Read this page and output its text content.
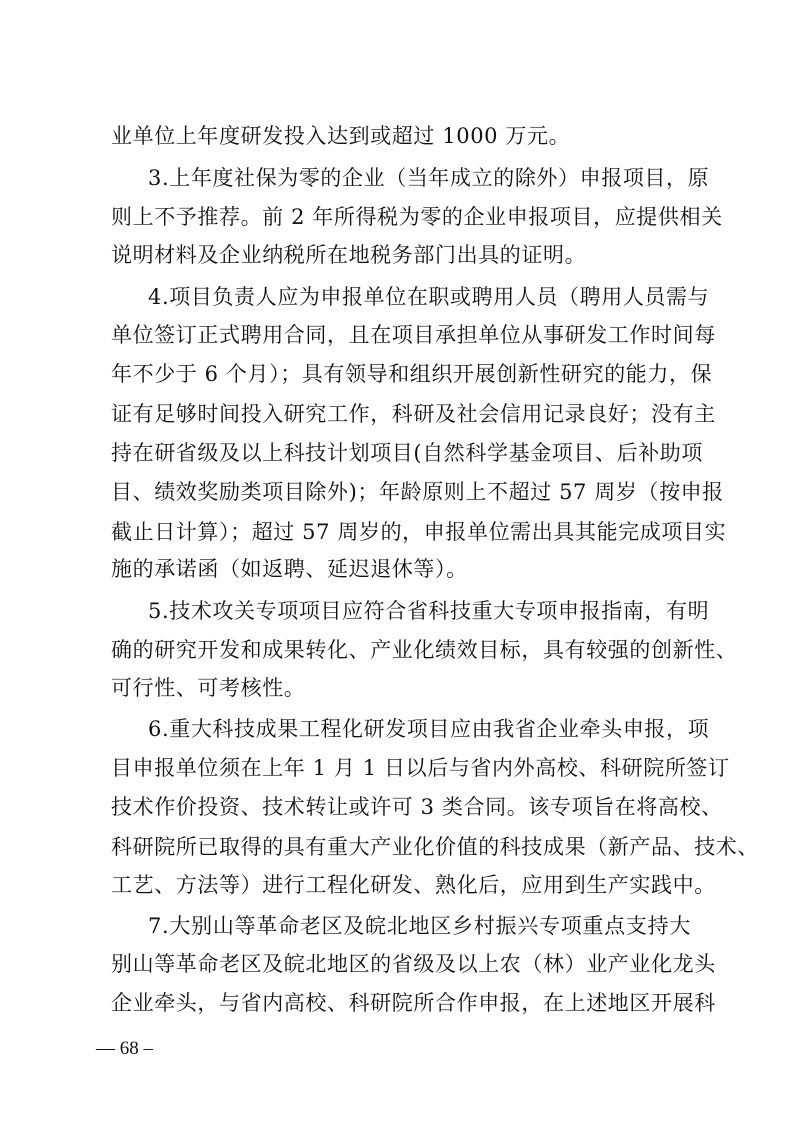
业单位上年度研发投入达到或超过 1000 万元。
3.上年度社保为零的企业（当年成立的除外）申报项目，原
则上不予推荐。前 2 年所得税为零的企业申报项目，应提供相关
说明材料及企业纳税所在地税务部门出具的证明。
4.项目负责人应为申报单位在职或聘用人员（聘用人员需与
单位签订正式聘用合同，且在项目承担单位从事研发工作时间每
年不少于 6 个月）；具有领导和组织开展创新性研究的能力，保
证有足够时间投入研究工作，科研及社会信用记录良好；没有主
持在研省级及以上科技计划项目(自然科学基金项目、后补助项
目、绩效奖励类项目除外)；年龄原则上不超过 57 周岁（按申报
截止日计算）；超过 57 周岁的，申报单位需出具其能完成项目实
施的承诺函（如返聘、延迟退休等）。
5.技术攻关专项项目应符合省科技重大专项申报指南，有明
确的研究开发和成果转化、产业化绩效目标，具有较强的创新性、
可行性、可考核性。
6.重大科技成果工程化研发项目应由我省企业牵头申报，项
目申报单位须在上年 1 月 1 日以后与省内外高校、科研院所签订
技术作价投资、技术转让或许可 3 类合同。该专项旨在将高校、
科研院所已取得的具有重大产业化价值的科技成果（新产品、技术、
工艺、方法等）进行工程化研发、熟化后，应用到生产实践中。
7.大别山等革命老区及皖北地区乡村振兴专项重点支持大
别山等革命老区及皖北地区的省级及以上农（林）业产业化龙头
企业牵头，与省内高校、科研院所合作申报，在上述地区开展科
— 68 –
